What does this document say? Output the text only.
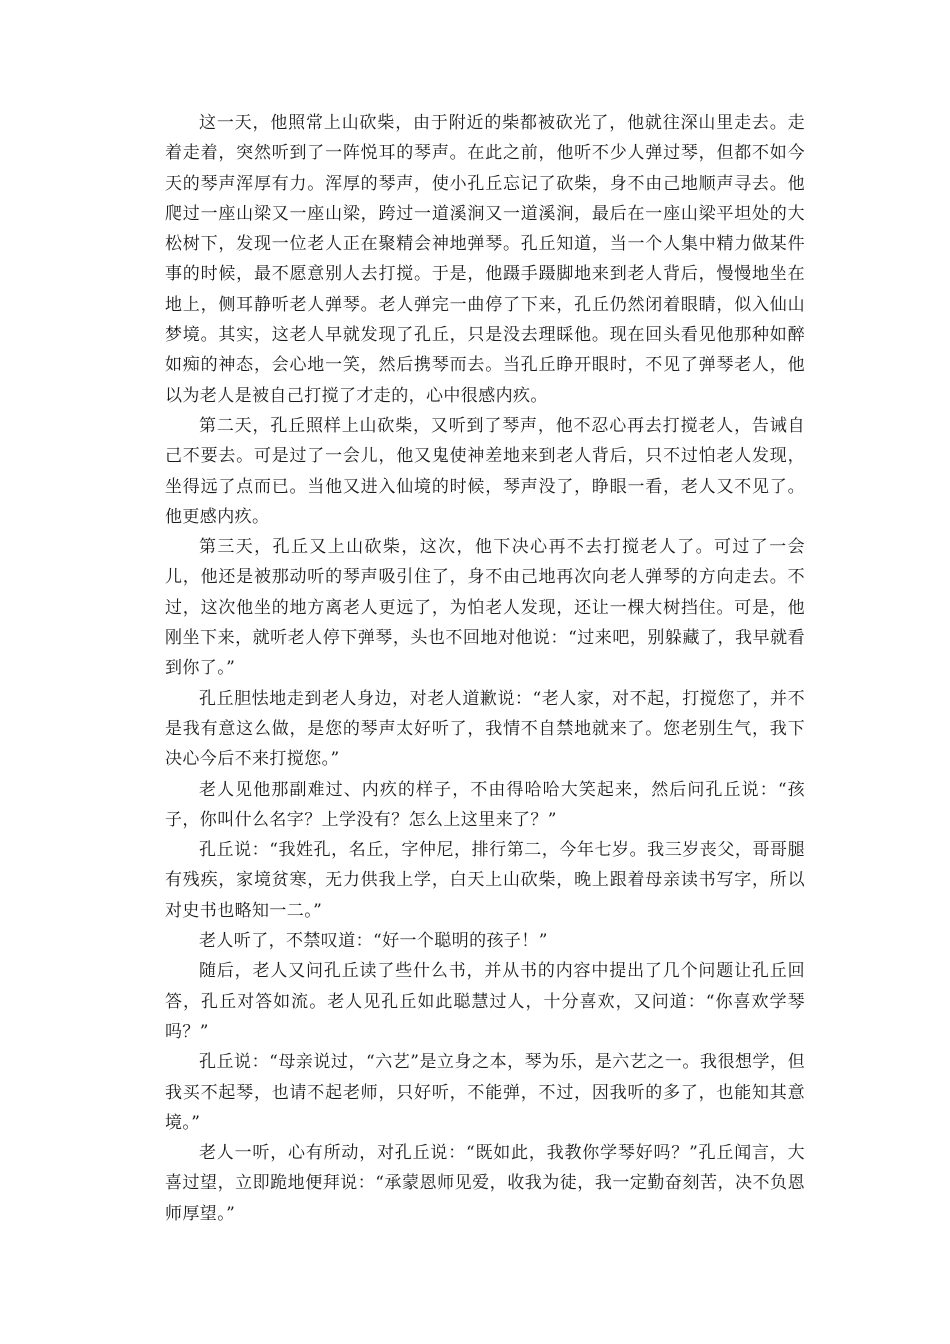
这一天，他照常上山砍柴，由于附近的柴都被砍光了，他就往深山里走去。走着走着，突然听到了一阵悦耳的琴声。在此之前，他听不少人弹过琴，但都不如今天的琴声浑厚有力。浑厚的琴声，使小孔丘忘记了砍柴，身不由己地顺声寻去。他爬过一座山梁又一座山梁，跨过一道溪涧又一道溪涧，最后在一座山梁平坦处的大松树下，发现一位老人正在聚精会神地弹琴。孔丘知道，当一个人集中精力做某件事的时候，最不愿意别人去打搅。于是，他蹑手蹑脚地来到老人背后，慢慢地坐在地上，侧耳静听老人弹琴。老人弹完一曲停了下来，孔丘仍然闭着眼睛，似入仙山梦境。其实，这老人早就发现了孔丘，只是没去理睬他。现在回头看见他那种如醉如痴的神态，会心地一笑，然后携琴而去。当孔丘睁开眼时，不见了弹琴老人，他以为老人是被自己打搅了才走的，心中很感内疚。

第二天，孔丘照样上山砍柴，又听到了琴声，他不忍心再去打搅老人，告诫自己不要去。可是过了一会儿，他又鬼使神差地来到老人背后，只不过怕老人发现，坐得远了点而已。当他又进入仙境的时候，琴声没了，睁眼一看，老人又不见了。他更感内疚。

第三天，孔丘又上山砍柴，这次，他下决心再不去打搅老人了。可过了一会儿，他还是被那动听的琴声吸引住了，身不由己地再次向老人弹琴的方向走去。不过，这次他坐的地方离老人更远了，为怕老人发现，还让一棵大树挡住。可是，他刚坐下来，就听老人停下弹琴，头也不回地对他说：“过来吧，别躲藏了，我早就看到你了。”

孔丘胆怯地走到老人身边，对老人道歉说：“老人家，对不起，打搅您了，并不是我有意这么做，是您的琴声太好听了，我情不自禁地就来了。您老别生气，我下决心今后不来打搅您。”

老人见他那副难过、内疚的样子，不由得哈哈大笑起来，然后问孔丘说：“孩子，你叫什么名字？上学没有？怎么上这里来了？”

孔丘说：“我姓孔，名丘，字仲尼，排行第二，今年七岁。我三岁丧父，哥哥腿有残疾，家境贫寒，无力供我上学，白天上山砍柴，晚上跟着母亲读书写字，所以对史书也略知一二。”

老人听了，不禁叹道：“好一个聪明的孩子！”

随后，老人又问孔丘读了些什么书，并从书的内容中提出了几个问题让孔丘回答，孔丘对答如流。老人见孔丘如此聪慧过人，十分喜欢，又问道：“你喜欢学琴吗？”

孔丘说：“母亲说过，“六艺”是立身之本，琴为乐，是六艺之一。我很想学，但我买不起琴，也请不起老师，只好听，不能弹，不过，因我听的多了，也能知其意境。”

老人一听，心有所动，对孔丘说：“既如此，我教你学琴好吗？”孔丘闻言，大喜过望，立即跪地便拜说：“承蒙恩师见爱，收我为徒，我一定勤奋刻苦，决不负恩师厚望。”
